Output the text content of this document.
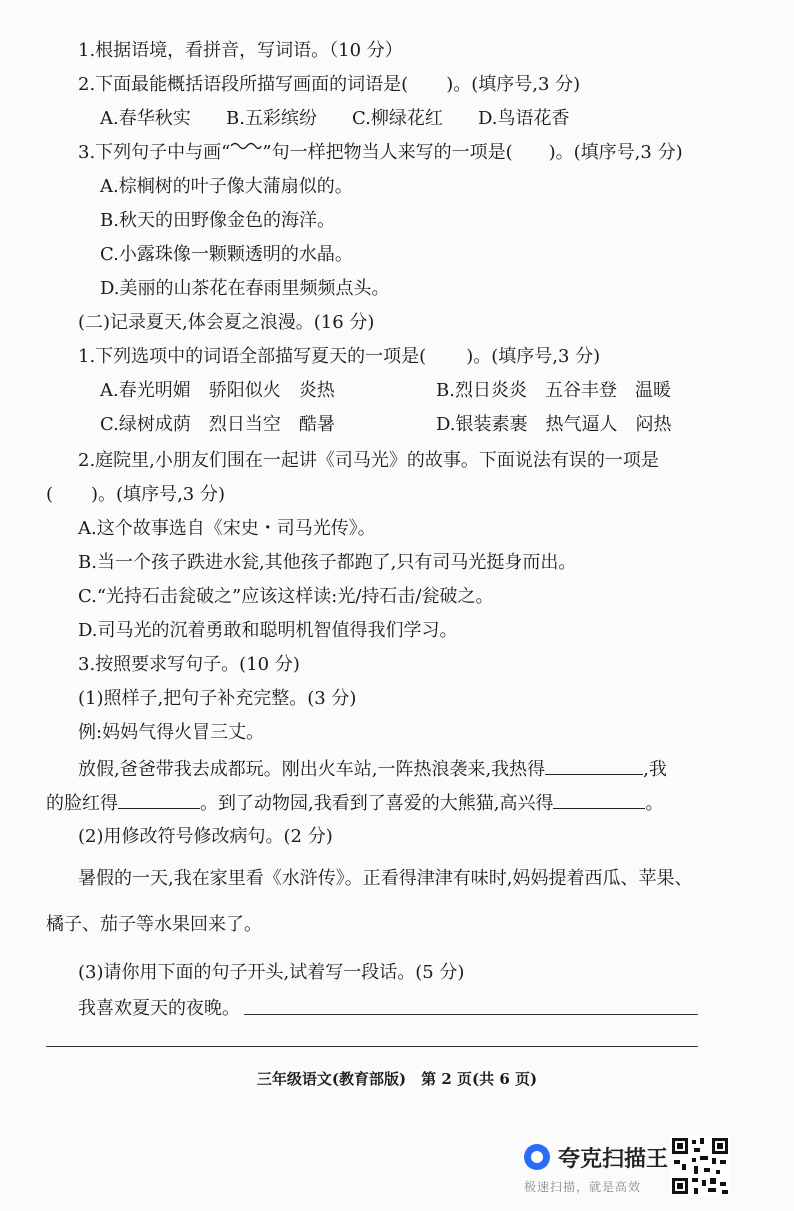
1.根据语境，看拼音，写词语。（10 分）
2.下面最能概括语段所描写画面的词语是( )。(填序号,3 分)
A.春华秋实 B.五彩缤纷 C.柳绿花红 D.鸟语花香
3.下列句子中与画“ ”句一样把物当人来写的一项是( )。(填序号,3 分)
A.棕榈树的叶子像大蒲扇似的。
B.秋天的田野像金色的海洋。
C.小露珠像一颗颗透明的水晶。
D.美丽的山茶花在春雨里频频点头。
(二)记录夏天,体会夏之浪漫。(16 分)
1.下列选项中的词语全部描写夏天的一项是( )。(填序号,3 分)
A.春光明媚　骄阳似火　炎热	B.烈日炎炎　五谷丰登　温暖
C.绿树成荫　烈日当空　酷暑	D.银装素裹　热气逼人　闷热
2.庭院里,小朋友们围在一起讲《司马光》的故事。下面说法有误的一项是
( )。(填序号,3 分)
A.这个故事选自《宋史・司马光传》。
B.当一个孩子跌进水瓮,其他孩子都跑了,只有司马光挺身而出。
C.“光持石击瓮破之”应该这样读:光/持石击/瓮破之。
D.司马光的沉着勇敢和聪明机智值得我们学习。
3.按照要求写句子。(10 分)
(1)照样子,把句子补充完整。(3 分)
例:妈妈气得火冒三丈。
放假,爸爸带我去成都玩。刚出火车站,一阵热浪袭来,我热得	,我
的脸红得	。到了动物园,我看到了喜爱的大熊猫,高兴得	。
(2)用修改符号修改病句。(2 分)
暑假的一天,我在家里看《水浒传》。正看得津津有味时,妈妈提着西瓜、苹果、
橘子、茄子等水果回来了。
(3)请你用下面的句子开头,试着写一段话。(5 分)
我喜欢夏天的夜晚。
三年级语文(教育部版)　第 2 页(共 6 页)
夸克扫描王
极速扫描，就是高效
